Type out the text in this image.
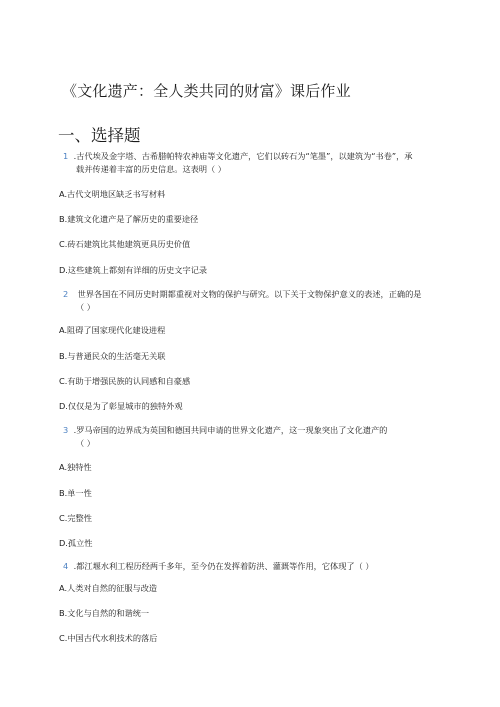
《文化遗产：全人类共同的财富》课后作业
一、选择题
1 .古代埃及金字塔、古希腊帕特农神庙等文化遗产，它们以砖石为“笔墨”，以建筑为“书卷”，承
载并传递着丰富的历史信息。这表明（ ）
A.古代文明地区缺乏书写材料
B.建筑文化遗产是了解历史的重要途径
C.砖石建筑比其他建筑更具历史价值
D.这些建筑上都刻有详细的历史文字记录
2 世界各国在不同历史时期都重视对文物的保护与研究。以下关于文物保护意义的表述，正确的是
（ ）
A.阻碍了国家现代化建设进程
B.与普通民众的生活毫无关联
C.有助于增强民族的认同感和自豪感
D.仅仅是为了彰显城市的独特外观
3 .罗马帝国的边界成为英国和德国共同申请的世界文化遗产，这一现象突出了文化遗产的
（ ）
A.独特性
B.单一性
C.完整性
D.孤立性
4 .都江堰水利工程历经两千多年，至今仍在发挥着防洪、灌溉等作用，它体现了（ ）
A.人类对自然的征服与改造
B.文化与自然的和谐统一
C.中国古代水利技术的落后
